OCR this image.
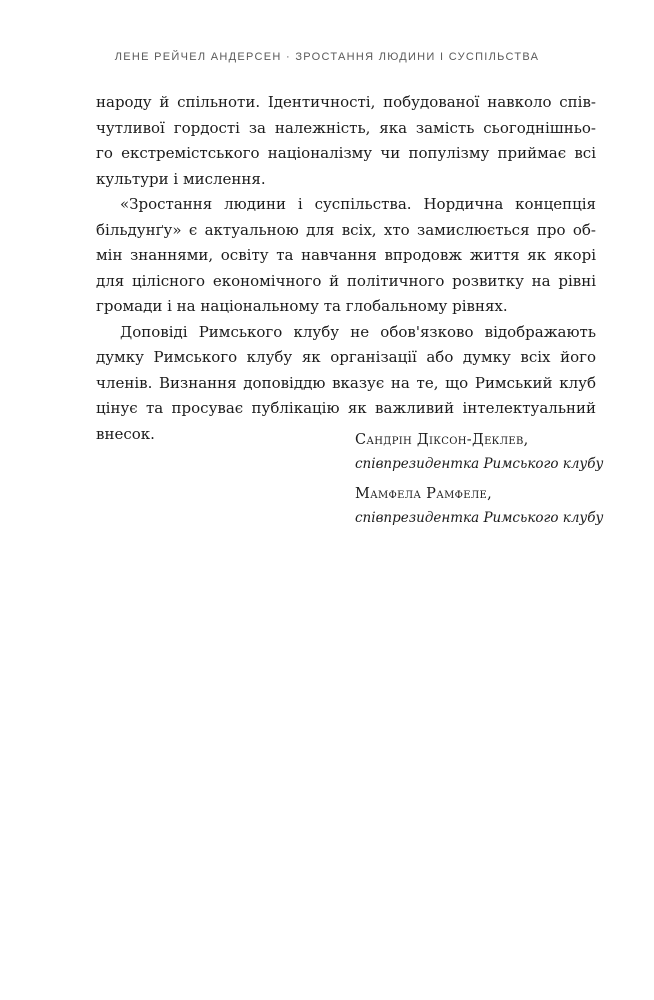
ЛЕНЕ РЕЙЧЕЛ АНДЕРСЕН · ЗРОСТАННЯ ЛЮДИНИ І СУСПІЛЬСТВА
народу й спільноти. Ідентичності, побудованої навколо спів-
чутливої гордості за належність, яка замість сьогоднішньо-
го екстремістського націоналізму чи популізму приймає всі
культури і мислення.
«Зростання людини і суспільства. Нордична концепція
більдунґу» є актуальною для всіх, хто замислюється про об-
мін знаннями, освіту та навчання впродовж життя як якорі
для цілісного економічного й політичного розвитку на рівні
громади і на національному та глобальному рівнях.
Доповіді Римського клубу не обов'язково відображають
думку Римського клубу як організації або думку всіх його
членів. Визнання доповіддю вказує на те, що Римський клуб
цінує та просуває публікацію як важливий інтелектуальний
внесок.	Сандрін Діксон-Деклев,
співпрезидентка Римського клубу
Мамфела Рамфеле,
співпрезидентка Римського клубу
